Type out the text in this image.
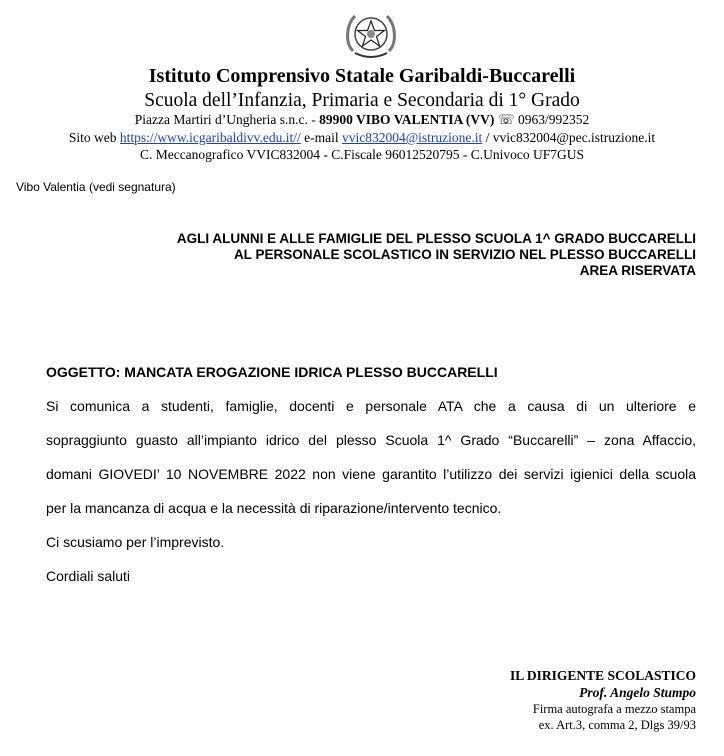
Istituto Comprensivo Statale Garibaldi-Buccarelli
Scuola dell’Infanzia, Primaria e Secondaria di 1° Grado
Piazza Martiri d’Ungheria s.n.c. - 89900 VIBO VALENTIA (VV) ☏ 0963/992352
Sito web https://www.icgaribaldivv.edu.it// e-mail vvic832004@istruzione.it / vvic832004@pec.istruzione.it
C. Meccanografico VVIC832004 - C.Fiscale 96012520795 - C.Univoco UF7GUS
Vibo Valentia (vedi segnatura)
AGLI ALUNNI E ALLE FAMIGLIE DEL PLESSO SCUOLA 1^ GRADO BUCCARELLI
AL PERSONALE SCOLASTICO IN SERVIZIO NEL PLESSO BUCCARELLI
AREA RISERVATA
OGGETTO: MANCATA EROGAZIONE IDRICA PLESSO BUCCARELLI
Si comunica a studenti, famiglie, docenti e personale ATA che a causa di un ulteriore e
sopraggiunto guasto all’impianto idrico del plesso Scuola 1^ Grado “Buccarelli” – zona Affaccio,
domani GIOVEDI’ 10 NOVEMBRE 2022 non viene garantito l’utilizzo dei servizi igienici della scuola
per la mancanza di acqua e la necessità di riparazione/intervento tecnico.
Ci scusiamo per l’imprevisto.
Cordiali saluti
IL DIRIGENTE SCOLASTICO
Prof. Angelo Stumpo
Firma autografa a mezzo stampa
ex. Art.3, comma 2, Dlgs 39/93
